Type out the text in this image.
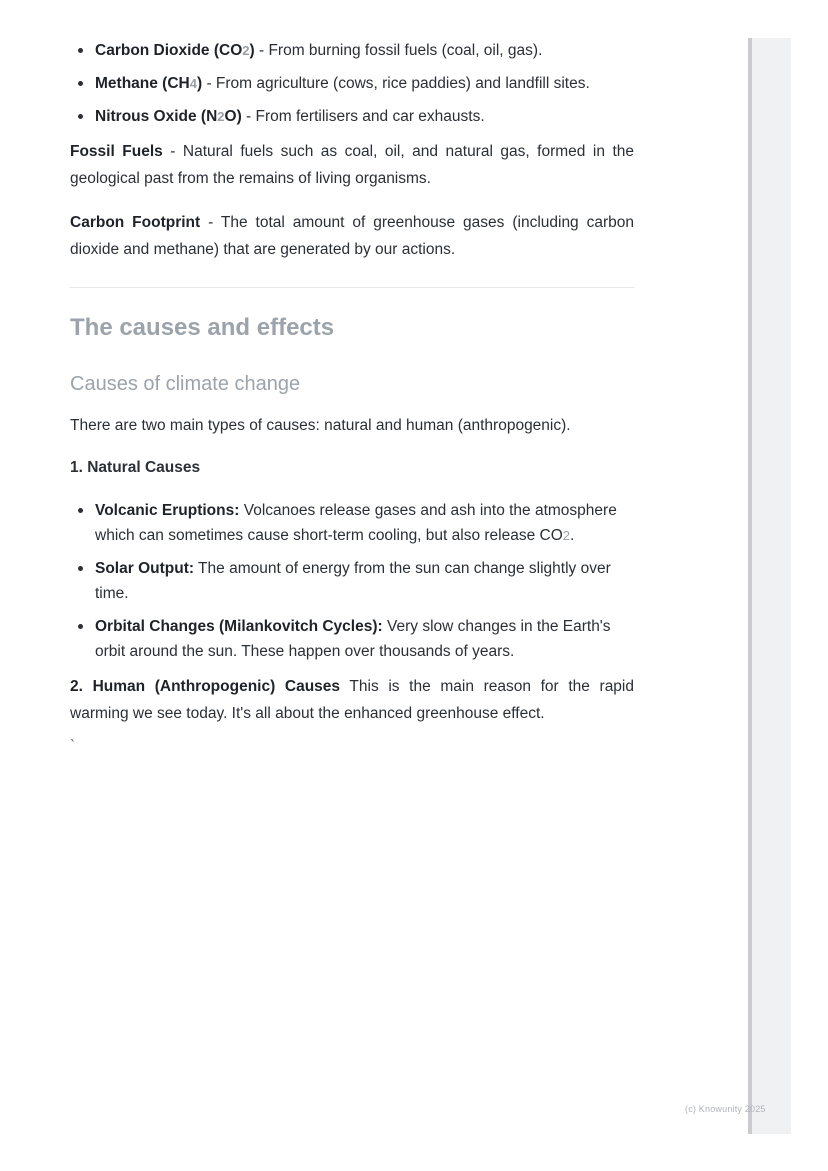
(c) Knowunity 2025
Carbon Dioxide (CO2) - From burning fossil fuels (coal, oil, gas).
Methane (CH4) - From agriculture (cows, rice paddies) and landfill sites.
Nitrous Oxide (N2O) - From fertilisers and car exhausts.

Fossil Fuels - Natural fuels such as coal, oil, and natural gas, formed in the geological past from the remains of living organisms.

Carbon Footprint - The total amount of greenhouse gases (including carbon dioxide and methane) that are generated by our actions.

The causes and effects
Causes of climate change

There are two main types of causes: natural and human (anthropogenic).

1. Natural Causes
Volcanic Eruptions: Volcanoes release gases and ash into the atmosphere which can sometimes cause short-term cooling, but also release CO2.
Solar Output: The amount of energy from the sun can change slightly over time.
Orbital Changes (Milankovitch Cycles): Very slow changes in the Earth's orbit around the sun. These happen over thousands of years.

2. Human (Anthropogenic) Causes This is the main reason for the rapid warming we see today. It's all about the enhanced greenhouse effect.

`
